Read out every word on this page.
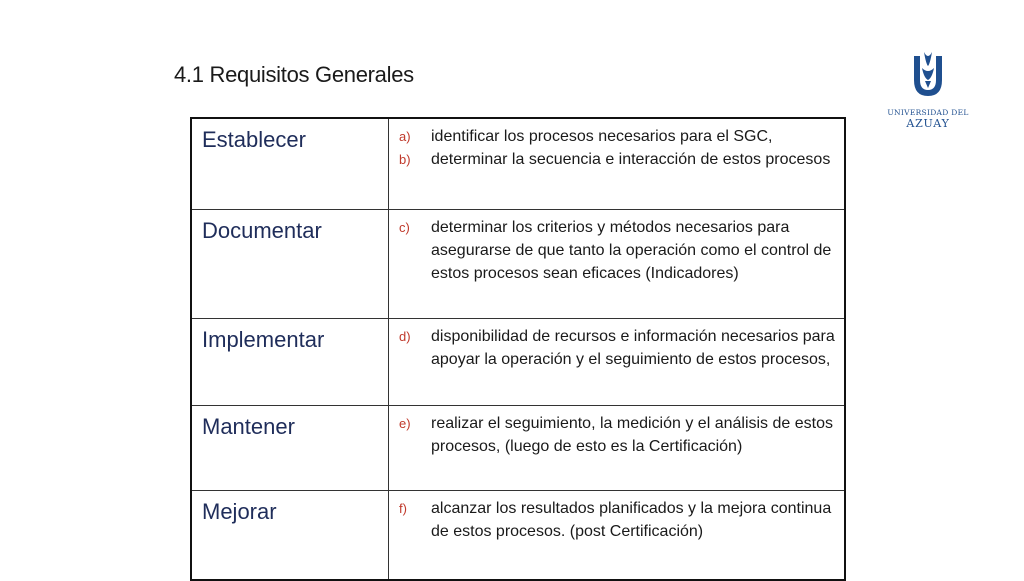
4.1 Requisitos Generales
UNIVERSIDAD DEL
AZUAY
Establecer	a) identificar los procesos necesarios para el SGC,
b) determinar la secuencia e interacción de estos procesos

Documentar	c) determinar los criterios y métodos necesarios para asegurarse de que tanto la operación como el control de estos procesos sean eficaces (Indicadores)

Implementar	d) disponibilidad de recursos e información necesarios para apoyar la operación y el seguimiento de estos procesos,

Mantener	e) realizar el seguimiento, la medición y el análisis de estos procesos, (luego de esto es la Certificación)

Mejorar	f) alcanzar los resultados planificados y la mejora continua de estos procesos. (post Certificación)
